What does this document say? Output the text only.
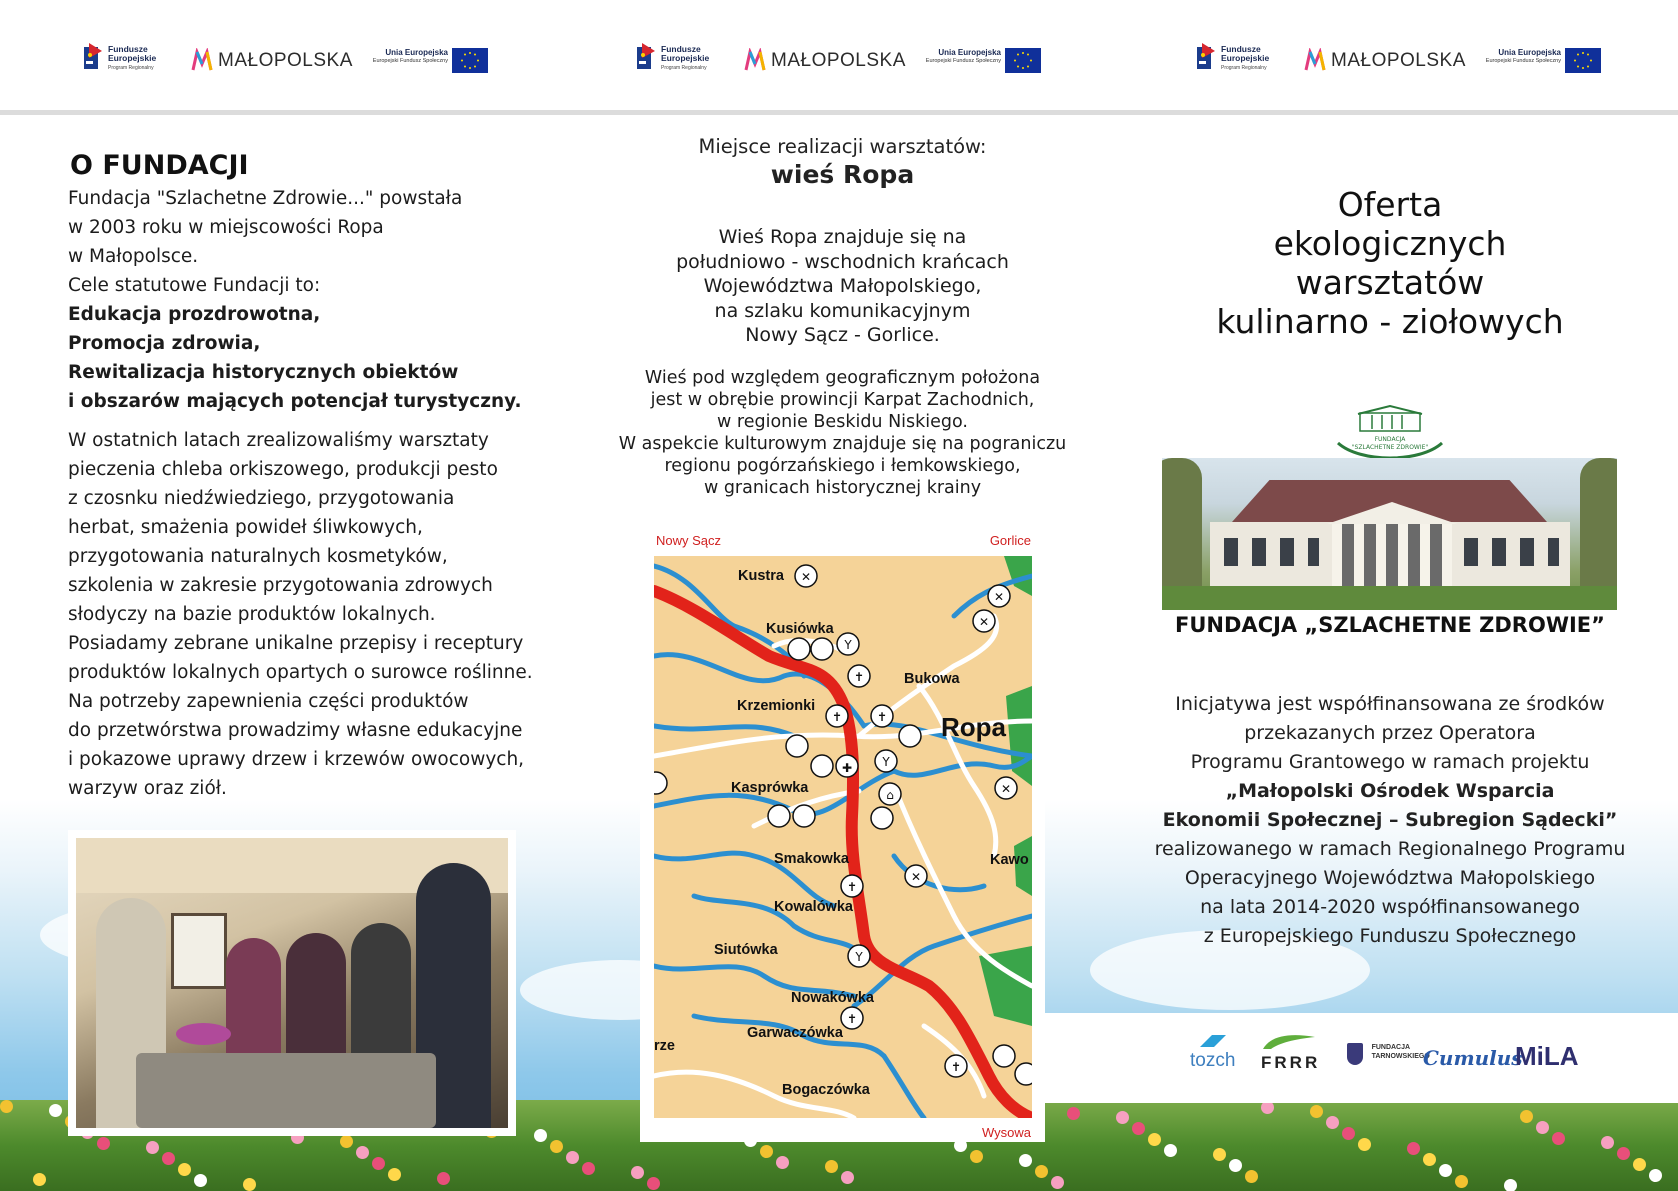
Fundusze
Europejskie
Program Regionalny	MAŁOPOLSKA	Unia Europejska
Europejski Fundusz Społeczny
Fundusze
Europejskie
Program Regionalny	MAŁOPOLSKA	Unia Europejska
Europejski Fundusz Społeczny
Fundusze
Europejskie
Program Regionalny	MAŁOPOLSKA	Unia Europejska
Europejski Fundusz Społeczny
O FUNDACJI
Fundacja "Szlachetne Zdrowie..." powstała
w 2003 roku w miejscowości Ropa
w Małopolsce.
Cele statutowe Fundacji to:
Edukacja prozdrowotna,
Promocja zdrowia,
Rewitalizacja historycznych obiektów
i obszarów mających potencjał turystyczny.
W ostatnich latach zrealizowaliśmy warsztaty
pieczenia chleba orkiszowego, produkcji pesto
z czosnku niedźwiedziego, przygotowania
herbat, smażenia powideł śliwkowych,
przygotowania naturalnych kosmetyków,
szkolenia w zakresie przygotowania zdrowych
słodyczy na bazie produktów lokalnych.
Posiadamy zebrane unikalne przepisy i receptury
produktów lokalnych opartych o surowce roślinne.
Na potrzeby zapewnienia części produktów
do przetwórstwa prowadzimy własne edukacyjne
i pokazowe uprawy drzew i krzewów owocowych,
warzyw oraz ziół.
Miejsce realizacji warsztatów:
wieś Ropa
Wieś Ropa znajduje się na
południowo - wschodnich krańcach
Województwa Małopolskiego,
na szlaku komunikacyjnym
Nowy Sącz - Gorlice.
Wieś pod względem geograficznym położona
jest w obrębie prowincji Karpat Zachodnich,
w regionie Beskidu Niskiego.
W aspekcie kulturowym znajduje się na pograniczu
regionu pogórzańskiego i łemkowskiego,
w granicach historycznej krainy
Nowy Sącz	Gorlice
Wysowa
✝
✝	✝
✚
⌂
✝
✝
✝
Y
Y
Y
✕
✕
✕
✕
✕
Kustra
Kusiówka
Bukowa
Krzemionki
Ropa
Kasprówka
Kawo
Smakowka
Kowalówka
Siutówka
Nowakówka
Garwaczówka
rze
Bogaczówka
Oferta
ekologicznych
warsztatów
kulinarno - ziołowych
FUNDACJA
"SZLACHETNE ZDROWIE"
FUNDACJA „SZLACHETNE ZDROWIE”
Inicjatywa jest współfinansowana ze środków
przekazanych przez Operatora
Programu Grantowego w ramach projektu
„Małopolski Ośrodek Wsparcia
Ekonomii Społecznej – Subregion Sądecki”
realizowanego w ramach Regionalnego Programu
Operacyjnego Województwa Małopolskiego
na lata 2014-2020 współfinansowanego
z Europejskiego Funduszu Społecznego
tozch FRRR
FUNDACJA
TARNOWSKIEGO
Cumulus
MiLA
